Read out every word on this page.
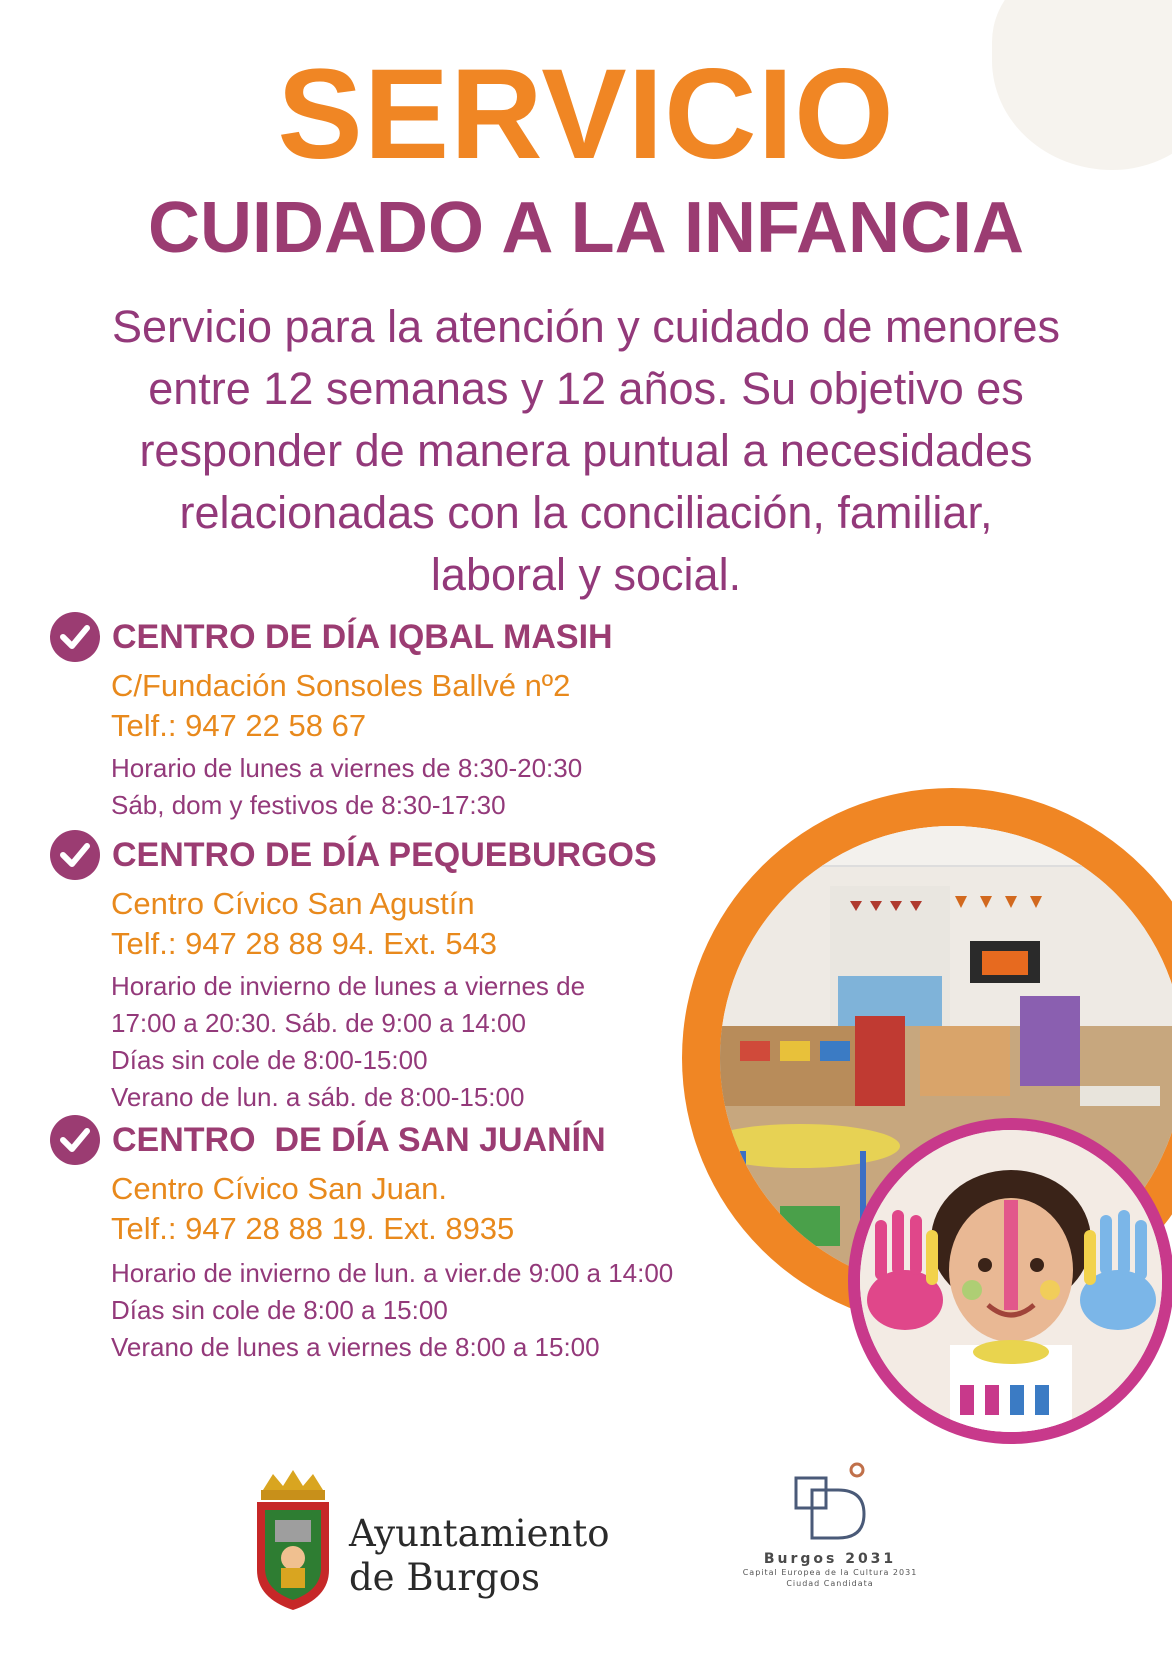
SERVICIO
CUIDADO A LA INFANCIA
Servicio para la atención y cuidado de menores
entre 12 semanas y 12 años. Su objetivo es
responder de manera puntual a necesidades
relacionadas con la conciliación, familiar,
laboral y social.
CENTRO DE DÍA IQBAL MASIH
C/Fundación Sonsoles Ballvé nº2
Telf.: 947 22 58 67
Horario de lunes a viernes de 8:30-20:30
Sáb, dom y festivos de 8:30-17:30
CENTRO DE DÍA PEQUEBURGOS
Centro Cívico San Agustín
Telf.: 947 28 88 94. Ext. 543
Horario de invierno de lunes a viernes de
17:00 a 20:30. Sáb. de 9:00 a 14:00
Días sin cole de 8:00-15:00
Verano de lun. a sáb. de 8:00-15:00
CENTRO  DE DÍA SAN JUANÍN
Centro Cívico San Juan.
Telf.: 947 28 88 19. Ext. 8935
Horario de invierno de lun. a vier.de 9:00 a 14:00
Días sin cole de 8:00 a 15:00
Verano de lunes a viernes de 8:00 a 15:00
Ayuntamiento
de Burgos	Burgos 2031
Capital Europea de la Cultura 2031
Ciudad Candidata
